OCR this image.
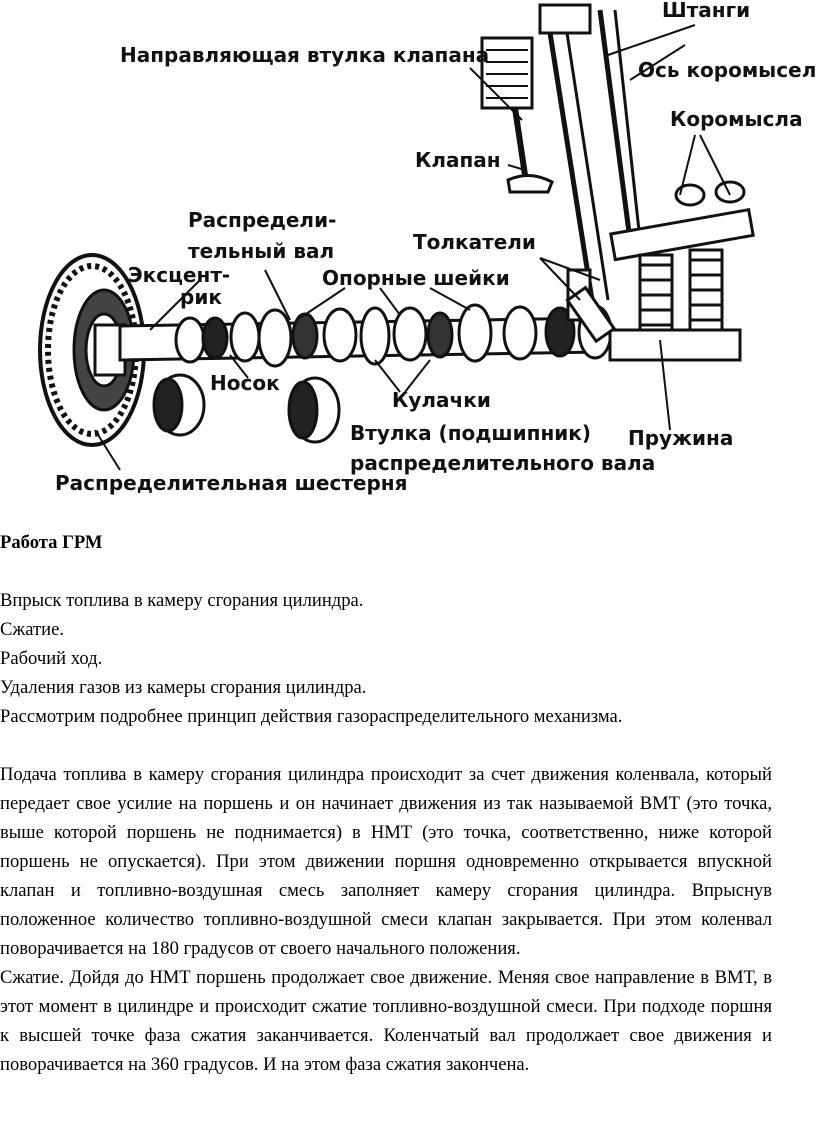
Направляющая втулка клапана
Штанги
Ось коромысел
Коромысла
Клапан
Распредели-
тельный вал	Толкатели
Эксцент-
рик
Опорные шейки
Носок
Кулачки
Втулка (подшипник)
распределительного вала
Пружина
Распределительная шестерня

Работа ГРМ

Впрыск топлива в камеру сгорания цилиндра.
Сжатие.
Рабочий ход.
Удаления газов из камеры сгорания цилиндра.
Рассмотрим подробнее принцип действия газораспределительного механизма.

Подача топлива в камеру сгорания цилиндра происходит за счет движения коленвала, который передает свое усилие на поршень и он начинает движения из так называемой ВМТ (это точка, выше которой поршень не поднимается) в НМТ (это точка, соответственно, ниже которой поршень не опускается). При этом движении поршня одновременно открывается впускной клапан и топливно-воздушная смесь заполняет камеру сгорания цилиндра. Впрыснув положенное количество топливно-воздушной смеси клапан закрывается. При этом коленвал поворачивается на 180 градусов от своего начального положения.

Сжатие. Дойдя до НМТ поршень продолжает свое движение. Меняя свое направление в ВМТ, в этот момент в цилиндре и происходит сжатие топливно-воздушной смеси. При подходе поршня к высшей точке фаза сжатия заканчивается. Коленчатый вал продолжает свое движения и поворачивается на 360 градусов. И на этом фаза сжатия закончена.
